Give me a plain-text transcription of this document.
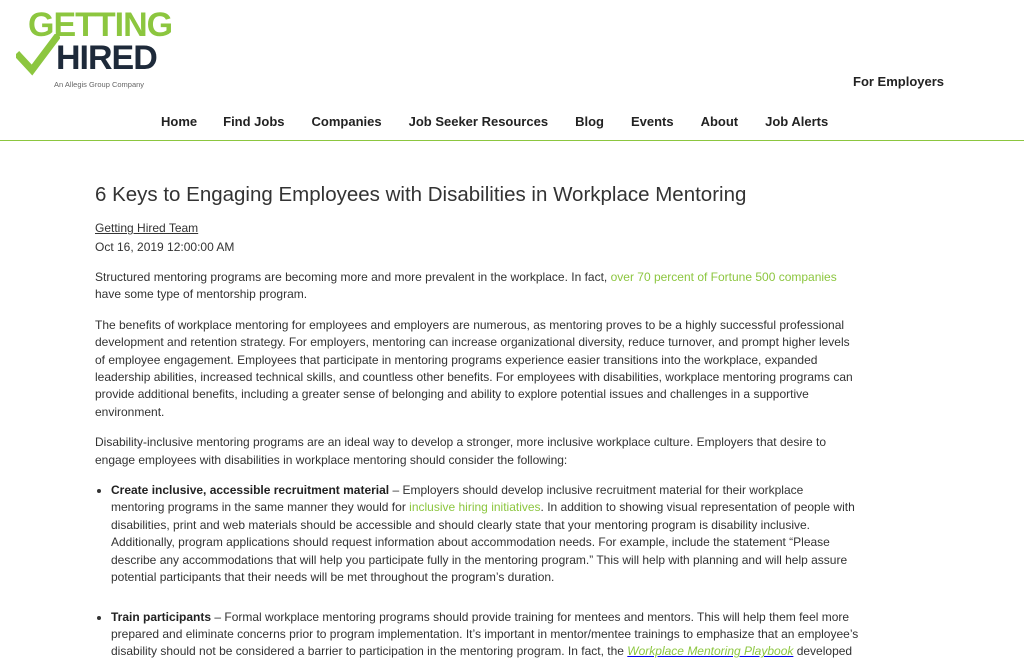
GETTING
HIRED
An Allegis Group Company	For Employers
Home Find Jobs Companies Job Seeker Resources Blog Events About Job Alerts
6 Keys to Engaging Employees with Disabilities in Workplace Mentoring
Getting Hired Team
Oct 16, 2019 12:00:00 AM

Structured mentoring programs are becoming more and more prevalent in the workplace. In fact, over 70 percent of Fortune 500 companies have some type of mentorship program.

The benefits of workplace mentoring for employees and employers are numerous, as mentoring proves to be a highly successful professional development and retention strategy. For employers, mentoring can increase organizational diversity, reduce turnover, and prompt higher levels of employee engagement. Employees that participate in mentoring programs experience easier transitions into the workplace, expanded leadership abilities, increased technical skills, and countless other benefits. For employees with disabilities, workplace mentoring programs can provide additional benefits, including a greater sense of belonging and ability to explore potential issues and challenges in a supportive environment.

Disability-inclusive mentoring programs are an ideal way to develop a stronger, more inclusive workplace culture. Employers that desire to engage employees with disabilities in workplace mentoring should consider the following:

• Create inclusive, accessible recruitment material – Employers should develop inclusive recruitment material for their workplace mentoring programs in the same manner they would for inclusive hiring initiatives. In addition to showing visual representation of people with disabilities, print and web materials should be accessible and should clearly state that your mentoring program is disability inclusive. Additionally, program applications should request information about accommodation needs. For example, include the statement “Please describe any accommodations that will help you participate fully in the mentoring program.” This will help with planning and will help assure potential participants that their needs will be met throughout the program’s duration.
• Train participants – Formal workplace mentoring programs should provide training for mentees and mentors. This will help them feel more prepared and eliminate concerns prior to program implementation. It’s important in mentor/mentee trainings to emphasize that an employee’s disability should not be considered a barrier to participation in the mentoring program. In fact, the Workplace Mentoring Playbook developed
